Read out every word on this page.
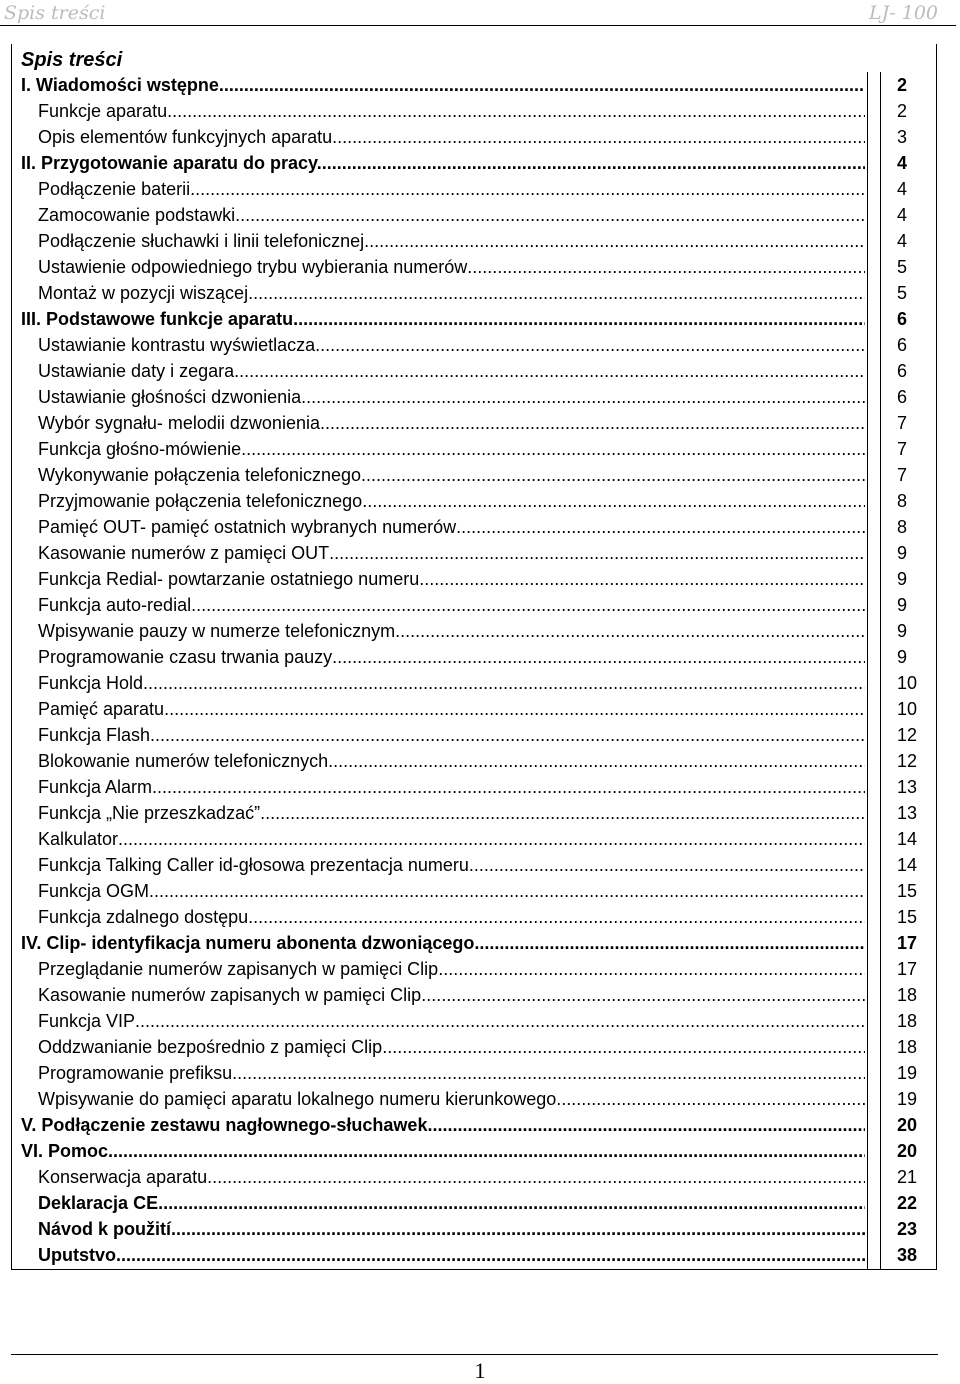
Spis treści	LJ- 100
Spis treści
I. Wiadomości wstępne. .....	2
Funkcje aparatu .....	2
Opis elementów funkcyjnych aparatu. .....	3
II. Przygotowanie aparatu do pracy. .....	4
Podłączenie baterii. .....	4
Zamocowanie podstawki. .....	4
Podłączenie słuchawki i linii telefonicznej .....	4
Ustawienie odpowiedniego trybu wybierania numerów .....	5
Montaż w pozycji wiszącej .....	5
III. Podstawowe funkcje aparatu .....	6
Ustawianie kontrastu wyświetlacza .....	6
Ustawianie daty i zegara .....	6
Ustawianie głośności dzwonienia .....	6
Wybór sygnału- melodii dzwonienia .....	7
Funkcja głośno-mówienie .....	7
Wykonywanie połączenia telefonicznego .....	7
Przyjmowanie połączenia telefonicznego .....	8
Pamięć OUT- pamięć ostatnich wybranych numerów .....	8
Kasowanie numerów z pamięci OUT .....	9
Funkcja Redial- powtarzanie ostatniego numeru .....	9
Funkcja auto-redial .....	9
Wpisywanie pauzy w numerze telefonicznym .....	9
Programowanie czasu trwania pauzy .....	9
Funkcja Hold .....	10
Pamięć aparatu .....	10
Funkcja Flash .....	12
Blokowanie numerów telefonicznych .....	12
Funkcja Alarm .....	13
Funkcja „Nie przeszkadzać” .....	13
Kalkulator .....	14
Funkcja Talking Caller id-głosowa prezentacja numeru .....	14
Funkcja OGM .....	15
Funkcja zdalnego dostępu .....	15
IV. Clip- identyfikacja numeru abonenta dzwoniącego .....	17
Przeglądanie numerów zapisanych w pamięci Clip .....	17
Kasowanie numerów zapisanych w pamięci Clip .....	18
Funkcja VIP .....	18
Oddzwanianie bezpośrednio z pamięci Clip .....	18
Programowanie prefiksu .....	19
Wpisywanie do pamięci aparatu lokalnego numeru kierunkowego .....	19
V. Podłączenie zestawu nagłownego-słuchawek .....	20
VI. Pomoc .....	20
Konserwacja aparatu .....	21
Deklaracja CE .....	22
Návod k použití .....	23
Uputstvo .....	38
1
